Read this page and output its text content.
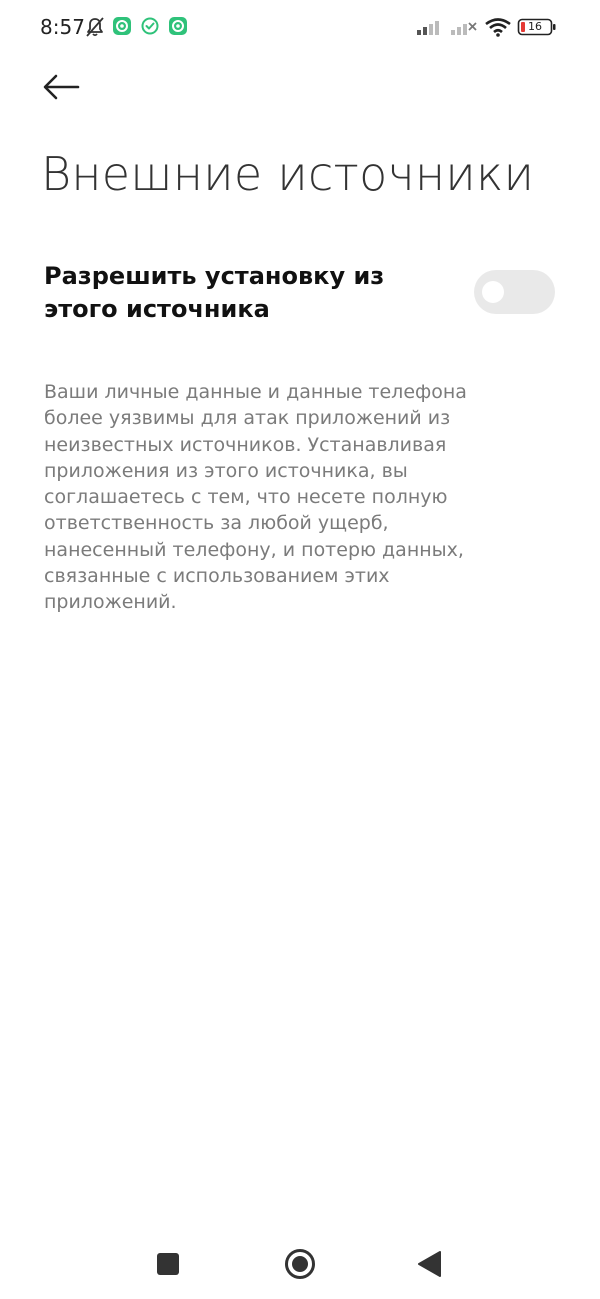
8:57	16
Внешние источники
Разрешить установку из этого источника
Ваши личные данные и данные телефона более уязвимы для атак приложений из неизвестных источников. Устанавливая приложения из этого источника, вы соглашаетесь с тем, что несете полную ответственность за любой ущерб, нанесенный телефону, и потерю данных, связанные с использованием этих приложений.
